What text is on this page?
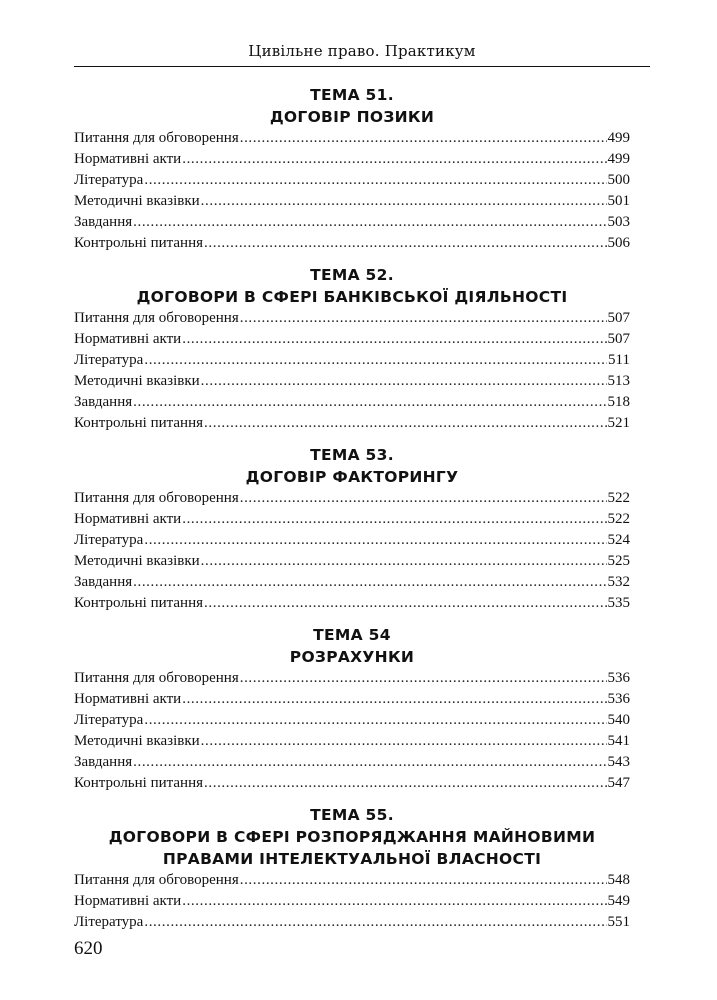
Цивільне право. Практикум
ТЕМА 51.
ДОГОВІР ПОЗИКИ
Питання для обговорення .....	499
Нормативні акти .....	499
Література .....	500
Методичні вказівки .....	501
Завдання .....	503
Контрольні питання .....	506
ТЕМА 52.
ДОГОВОРИ В СФЕРІ БАНКІВСЬКОЇ ДІЯЛЬНОСТІ
Питання для обговорення .....	507
Нормативні акти .....	507
Література .....	511
Методичні вказівки .....	513
Завдання .....	518
Контрольні питання .....	521
ТЕМА 53.
ДОГОВІР ФАКТОРИНГУ
Питання для обговорення .....	522
Нормативні акти .....	522
Література .....	524
Методичні вказівки .....	525
Завдання .....	532
Контрольні питання .....	535
ТЕМА 54
РОЗРАХУНКИ
Питання для обговорення .....	536
Нормативні акти .....	536
Література .....	540
Методичні вказівки .....	541
Завдання .....	543
Контрольні питання .....	547
ТЕМА 55.
ДОГОВОРИ В СФЕРІ РОЗПОРЯДЖАННЯ МАЙНОВИМИ ПРАВАМИ ІНТЕЛЕКТУАЛЬНОЇ ВЛАСНОСТІ
Питання для обговорення .....	548
Нормативні акти .....	549
Література .....	551
620
